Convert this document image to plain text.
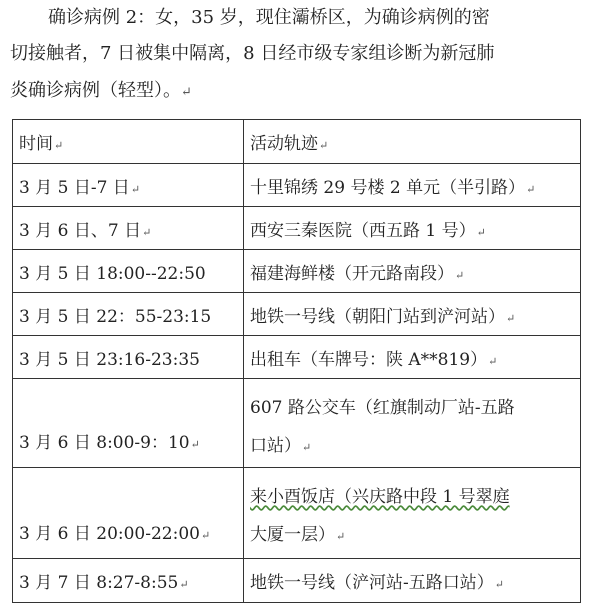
确诊病例 2：女，35 岁，现住灞桥区，为确诊病例的密
切接触者，7 日被集中隔离，8 日经市级专家组诊断为新冠肺
炎确诊病例（轻型）。↵
时间↵	活动轨迹↵
3 月 5 日-7 日↵	十里锦绣 29 号楼 2 单元（半引路）↵
3 月 6 日、7 日↵	西安三秦医院（西五路 1 号）↵
3 月 5 日 18:00--22:50	福建海鲜楼（开元路南段）↵
3 月 5 日 22：55-23:15	地铁一号线（朝阳门站到浐河站）↵
3 月 5 日 23:16-23:35	出租车（车牌号：陕 A**819）↵
3 月 6 日 8:00-9：10↵	607 路公交车（红旗制动厂站-五路
口站）↵

3 月 6 日 20:00-22:00↵	来小酉饭店（兴庆路中段 1 号翠庭
大厦一层）↵

3 月 7 日 8:27-8:55↵	地铁一号线（浐河站-五路口站）↵
